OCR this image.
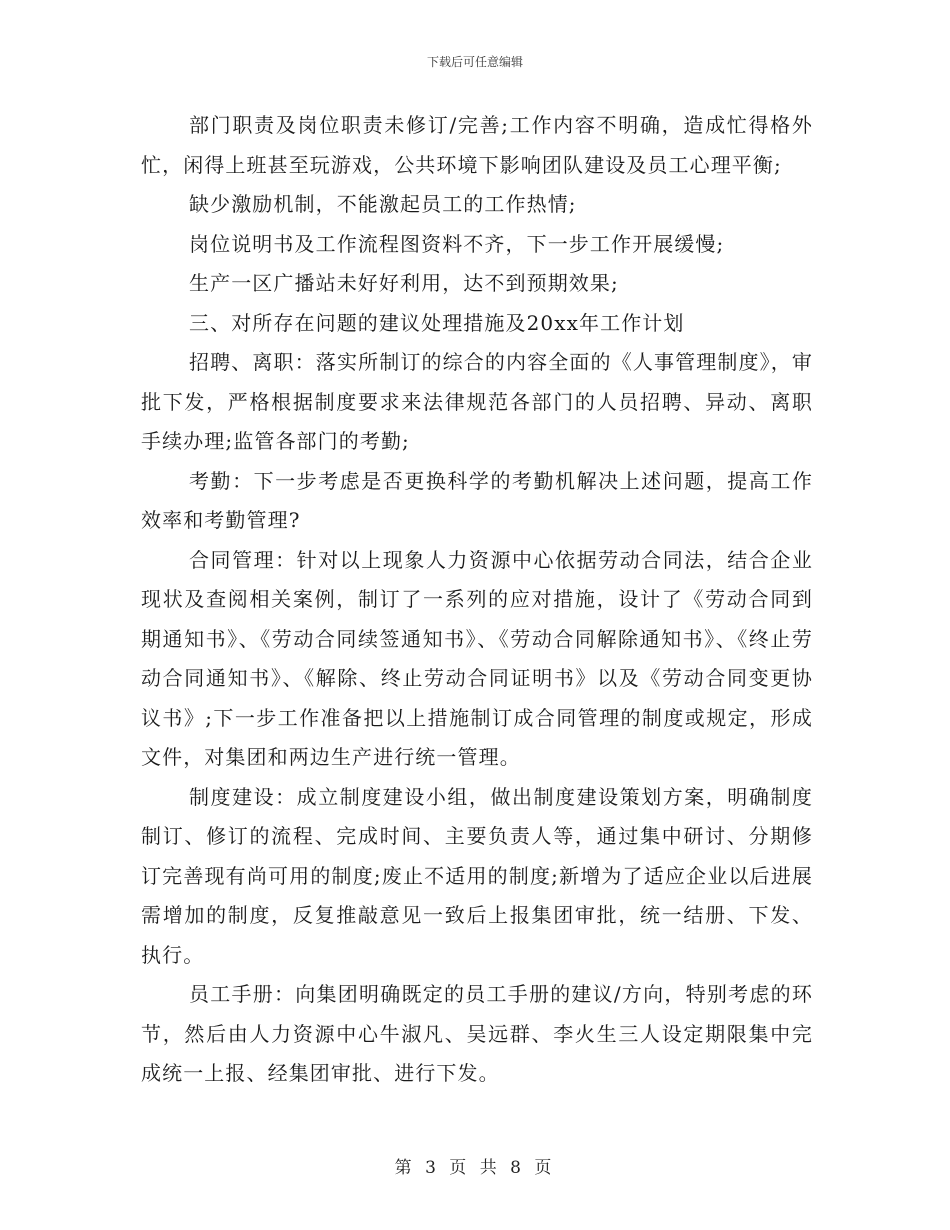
下载后可任意编辑

部门职责及岗位职责未修订/完善;工作内容不明确，造成忙得格外忙，闲得上班甚至玩游戏，公共环境下影响团队建设及员工心理平衡;

缺少激励机制，不能激起员工的工作热情;

岗位说明书及工作流程图资料不齐，下一步工作开展缓慢;

生产一区广播站未好好利用，达不到预期效果;

三、对所存在问题的建议处理措施及20xx年工作计划

招聘、离职：落实所制订的综合的内容全面的《人事管理制度》，审批下发，严格根据制度要求来法律规范各部门的人员招聘、异动、离职手续办理;监管各部门的考勤;

考勤：下一步考虑是否更换科学的考勤机解决上述问题，提高工作效率和考勤管理?

合同管理：针对以上现象人力资源中心依据劳动合同法，结合企业现状及查阅相关案例，制订了一系列的应对措施，设计了《劳动合同到期通知书》、《劳动合同续签通知书》、《劳动合同解除通知书》、《终止劳动合同通知书》、《解除、终止劳动合同证明书》以及《劳动合同变更协议书》;下一步工作准备把以上措施制订成合同管理的制度或规定，形成文件，对集团和两边生产进行统一管理。

制度建设：成立制度建设小组，做出制度建设策划方案，明确制度制订、修订的流程、完成时间、主要负责人等，通过集中研讨、分期修订完善现有尚可用的制度;废止不适用的制度;新增为了适应企业以后进展需增加的制度，反复推敲意见一致后上报集团审批，统一结册、下发、执行。

员工手册：向集团明确既定的员工手册的建议/方向，特别考虑的环节，然后由人力资源中心牛淑凡、吴远群、李火生三人设定期限集中完成统一上报、经集团审批、进行下发。

第 3 页 共 8 页
